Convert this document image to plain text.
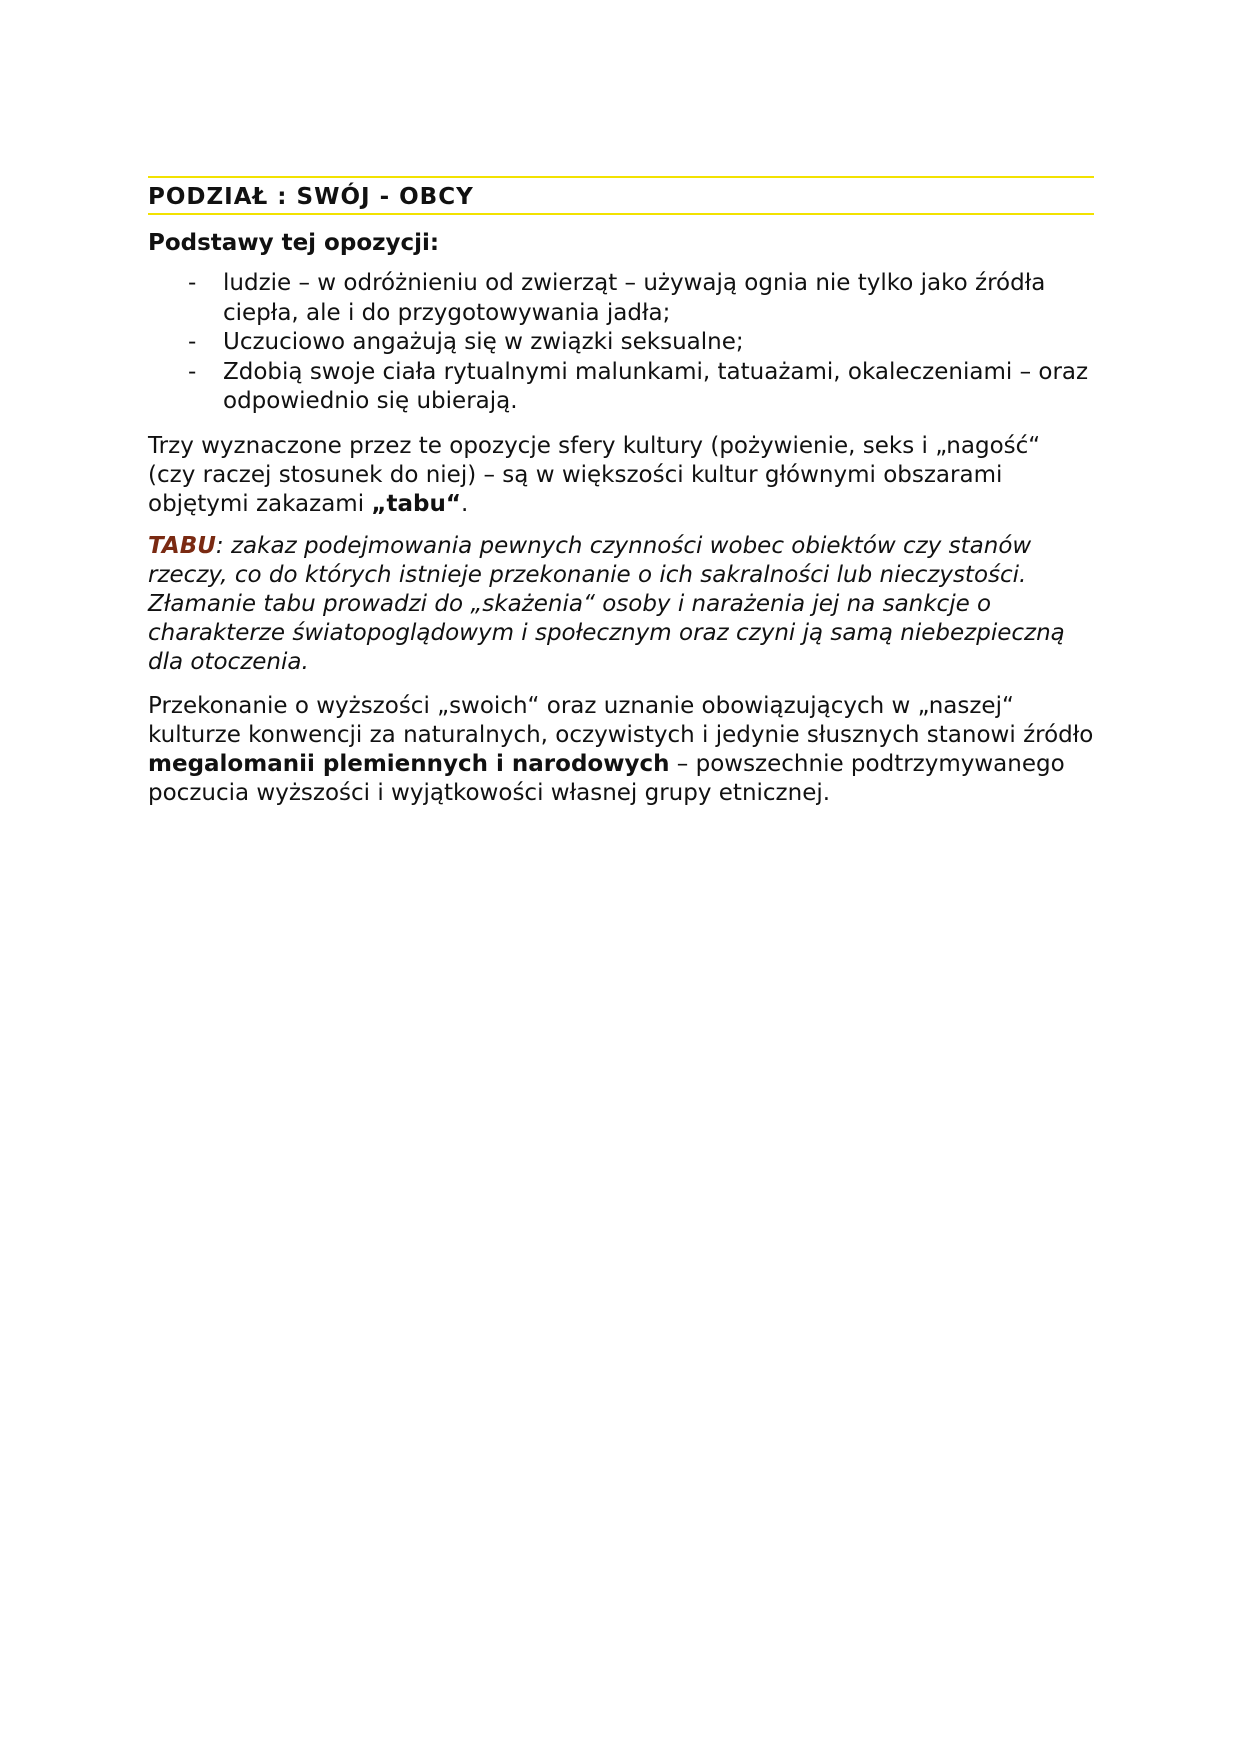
PODZIAŁ : SWÓJ - OBCY
Podstawy tej opozycji:
- ludzie – w odróżnieniu od zwierząt – używają ognia nie tylko jako źródła ciepła, ale i do przygotowywania jadła;
- Uczuciowo angażują się w związki seksualne;
- Zdobią swoje ciała rytualnymi malunkami, tatuażami, okaleczeniami – oraz odpowiednio się ubierają.

Trzy wyznaczone przez te opozycje sfery kultury (pożywienie, seks i „nagość“ (czy raczej stosunek do niej) – są w większości kultur głównymi obszarami objętymi zakazami „tabu“.

TABU: zakaz podejmowania pewnych czynności wobec obiektów czy stanów rzeczy, co do których istnieje przekonanie o ich sakralności lub nieczystości. Złamanie tabu prowadzi do „skażenia“ osoby i narażenia jej na sankcje o charakterze światopoglądowym i społecznym oraz czyni ją samą niebezpieczną dla otoczenia.

Przekonanie o wyższości „swoich“ oraz uznanie obowiązujących w „naszej“ kulturze konwencji za naturalnych, oczywistych i jedynie słusznych stanowi źródło megalomanii plemiennych i narodowych – powszechnie podtrzymywanego poczucia wyższości i wyjątkowości własnej grupy etnicznej.
